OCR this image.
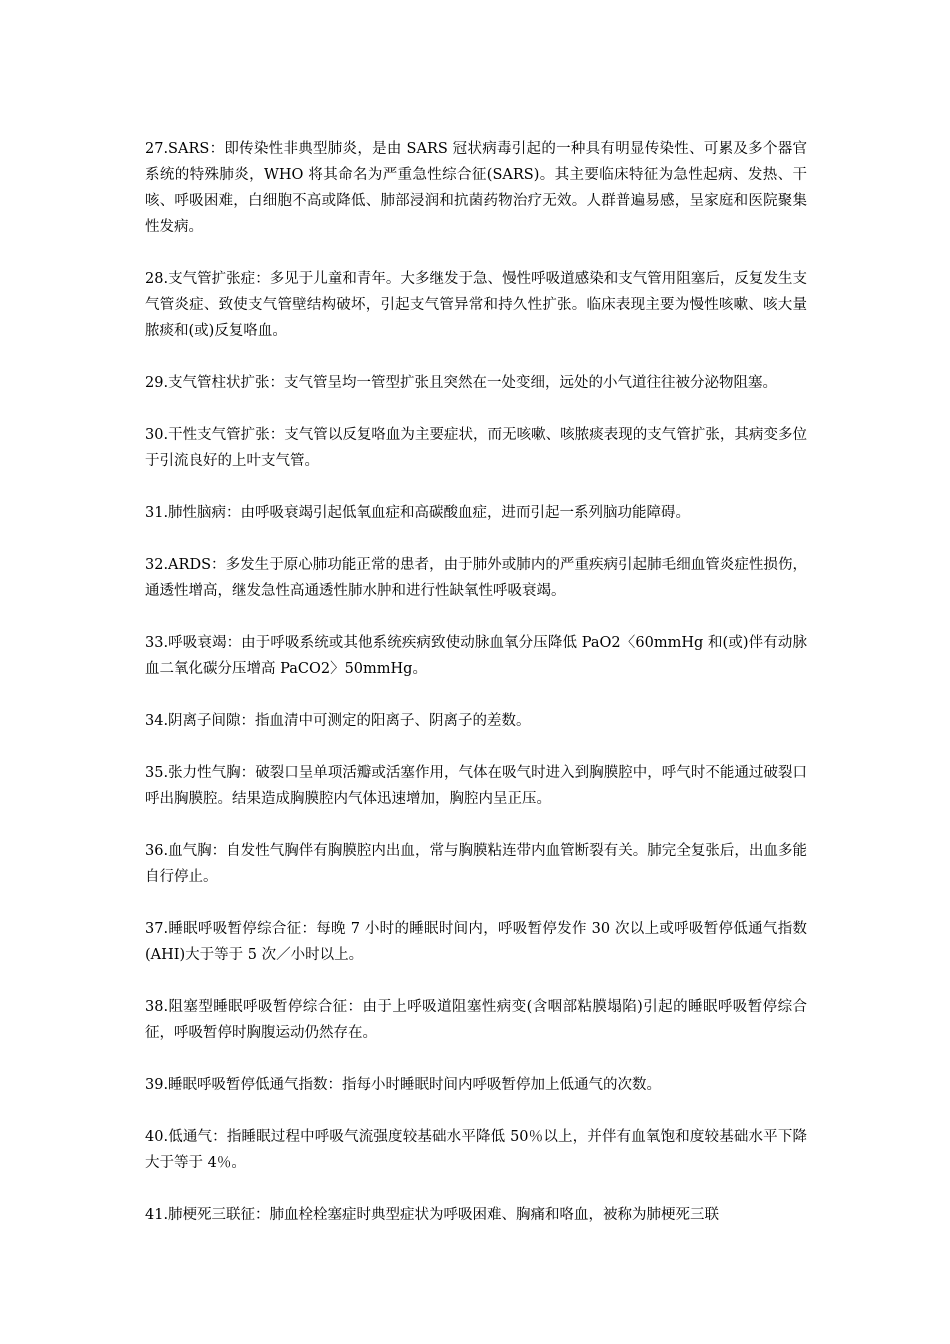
27.SARS：即传染性非典型肺炎，是由 SARS 冠状病毒引起的一种具有明显传染性、可累及多个器官系统的特殊肺炎，WHO 将其命名为严重急性综合征(SARS)。其主要临床特征为急性起病、发热、干咳、呼吸困难，白细胞不高或降低、肺部浸润和抗菌药物治疗无效。人群普遍易感，呈家庭和医院聚集性发病。

28.支气管扩张症：多见于儿童和青年。大多继发于急、慢性呼吸道感染和支气管用阻塞后，反复发生支气管炎症、致使支气管壁结构破坏，引起支气管异常和持久性扩张。临床表现主要为慢性咳嗽、咳大量脓痰和(或)反复咯血。

29.支气管柱状扩张：支气管呈均一管型扩张且突然在一处变细，远处的小气道往往被分泌物阻塞。

30.干性支气管扩张：支气管以反复咯血为主要症状，而无咳嗽、咳脓痰表现的支气管扩张，其病变多位于引流良好的上叶支气管。

31.肺性脑病：由呼吸衰竭引起低氧血症和高碳酸血症，进而引起一系列脑功能障碍。

32.ARDS：多发生于原心肺功能正常的患者，由于肺外或肺内的严重疾病引起肺毛细血管炎症性损伤，通透性增高，继发急性高通透性肺水肿和进行性缺氧性呼吸衰竭。

33.呼吸衰竭：由于呼吸系统或其他系统疾病致使动脉血氧分压降低 PaO2〈60mmHg 和(或)伴有动脉血二氧化碳分压增高 PaCO2〉50mmHg。

34.阴离子间隙：指血清中可测定的阳离子、阴离子的差数。

35.张力性气胸：破裂口呈单项活瓣或活塞作用，气体在吸气时进入到胸膜腔中，呼气时不能通过破裂口呼出胸膜腔。结果造成胸膜腔内气体迅速增加，胸腔内呈正压。

36.血气胸：自发性气胸伴有胸膜腔内出血，常与胸膜粘连带内血管断裂有关。肺完全复张后，出血多能自行停止。

37.睡眠呼吸暂停综合征：每晚 7 小时的睡眠时间内，呼吸暂停发作 30 次以上或呼吸暂停低通气指数(AHI)大于等于 5 次／小时以上。

38.阻塞型睡眠呼吸暂停综合征：由于上呼吸道阻塞性病变(含咽部粘膜塌陷)引起的睡眠呼吸暂停综合征，呼吸暂停时胸腹运动仍然存在。

39.睡眠呼吸暂停低通气指数：指每小时睡眠时间内呼吸暂停加上低通气的次数。

40.低通气：指睡眠过程中呼吸气流强度较基础水平降低 50％以上，并伴有血氧饱和度较基础水平下降大于等于 4％。

41.肺梗死三联征：肺血栓栓塞症时典型症状为呼吸困难、胸痛和咯血，被称为肺梗死三联
